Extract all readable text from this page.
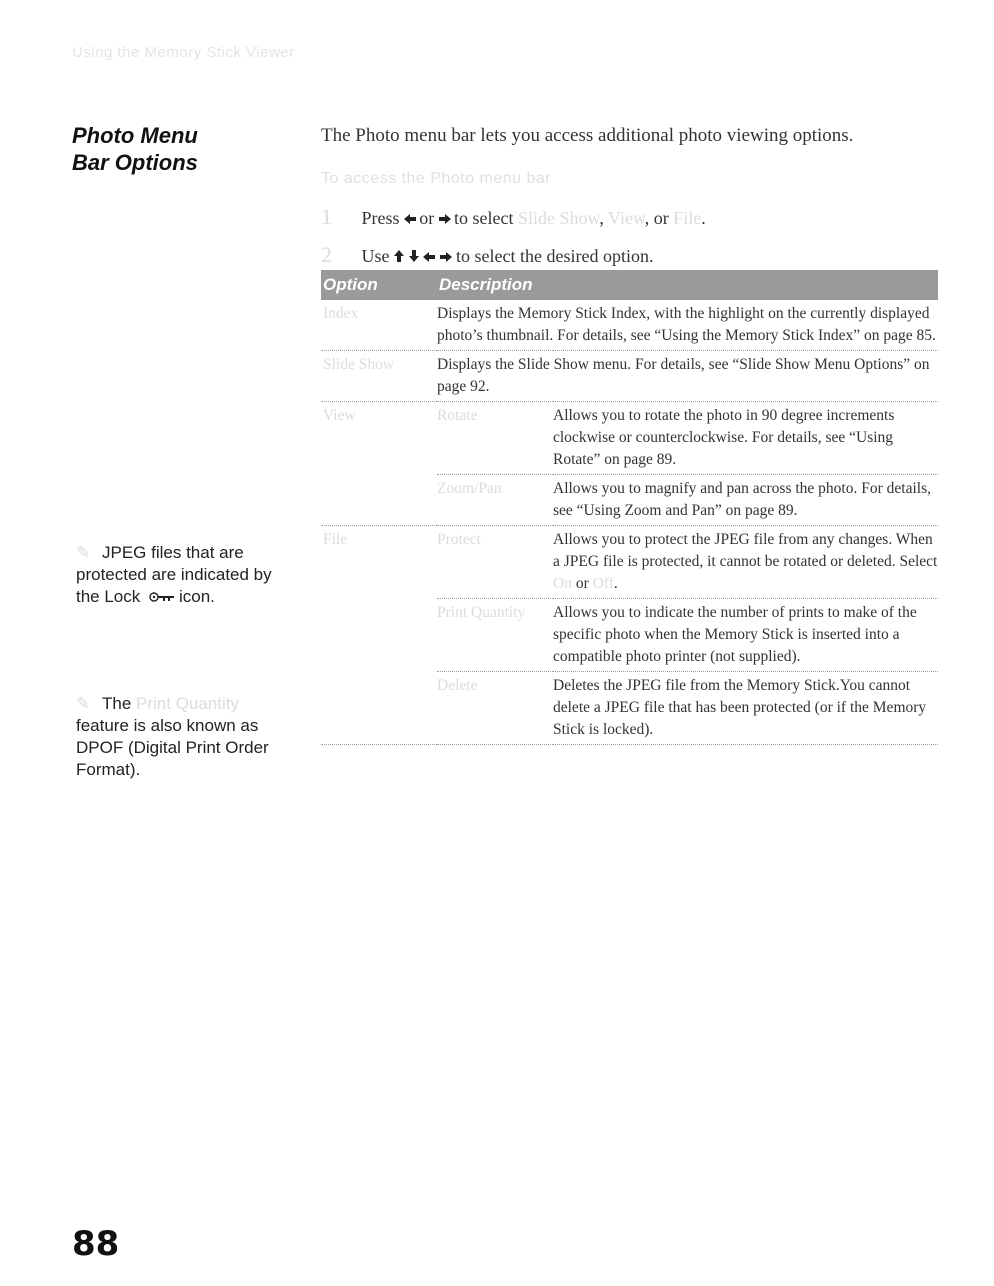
Using the Memory Stick Viewer
Photo Menu
Bar Options
The Photo menu bar lets you access additional photo viewing options.
To access the Photo menu bar
1 Press or to select Slide Show, View, or File.
2 Use	to select the desired option.
Option	Description	
Index	Displays the Memory Stick Index, with the highlight on the currently displayed photo’s thumbnail. For details, see “Using the Memory Stick Index” on page 85.	
Slide Show	Displays the Slide Show menu. For details, see “Slide Show Menu Options” on page 92.	
View	Rotate	Allows you to rotate the photo in 90 degree increments clockwise or counterclockwise. For details, see “Using Rotate” on page 89.
	Zoom/Pan	Allows you to magnify and pan across the photo. For details, see “Using Zoom and Pan” on page 89.
File	Protect	Allows you to protect the JPEG file from any changes. When a JPEG file is protected, it cannot be rotated or deleted. Select On or Off.
	Print Quantity	Allows you to indicate the number of prints to make of the specific photo when the Memory Stick is inserted into a compatible photo printer (not supplied).
	Delete	Deletes the JPEG file from the Memory Stick.You cannot delete a JPEG file that has been protected (or if the Memory Stick is locked).
✎ JPEG files that are protected are indicated by the Lock icon.
✎ The Print Quantity feature is also known as DPOF (Digital Print Order Format).
88
